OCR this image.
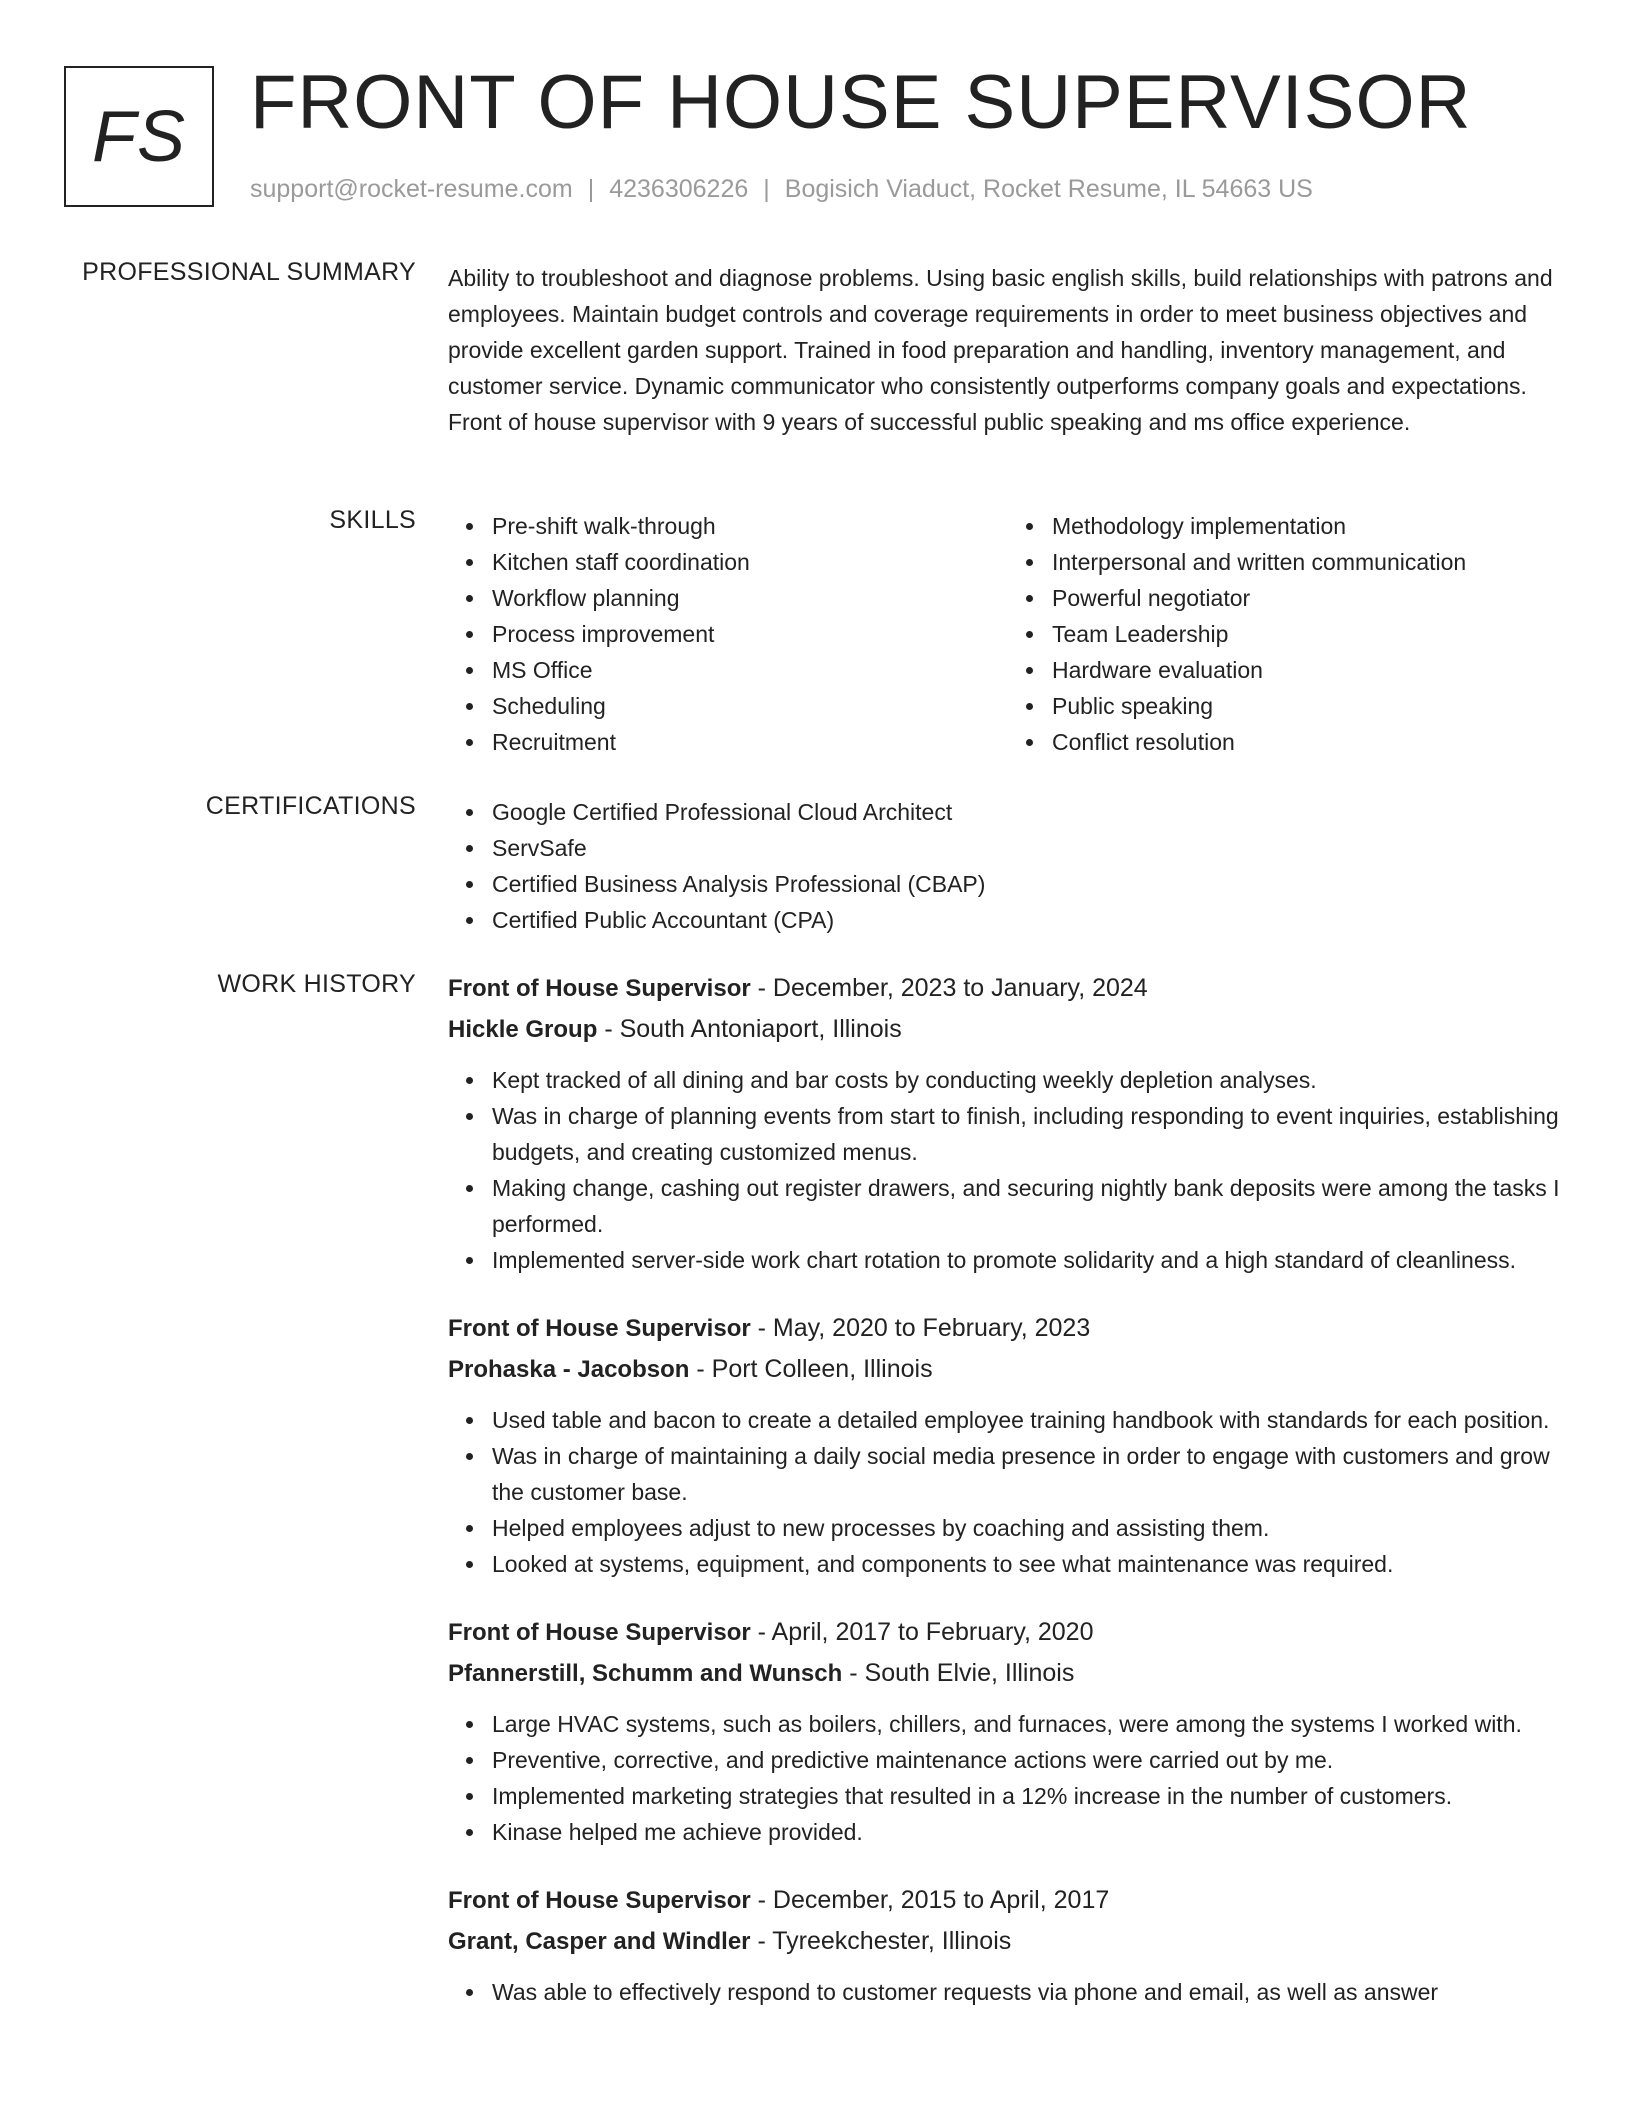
FS FRONT OF HOUSE SUPERVISOR
support@rocket-resume.com | 4236306226 | Bogisich Viaduct, Rocket Resume, IL 54663 US
PROFESSIONAL SUMMARY Ability to troubleshoot and diagnose problems. Using basic english skills, build relationships with patrons and employees. Maintain budget controls and coverage requirements in order to meet business objectives and provide excellent garden support. Trained in food preparation and handling, inventory management, and customer service. Dynamic communicator who consistently outperforms company goals and expectations. Front of house supervisor with 9 years of successful public speaking and ms office experience.

SKILLS	Pre-shift walk-through
Kitchen staff coordination
Workflow planning
Process improvement
MS Office
Scheduling
Recruitment
Methodology implementation
Interpersonal and written communication
Powerful negotiator
Team Leadership
Hardware evaluation
Public speaking
Conflict resolution
CERTIFICATIONS	Google Certified Professional Cloud Architect
ServSafe
Certified Business Analysis Professional (CBAP)
Certified Public Accountant (CPA)
WORK HISTORY Front of House Supervisor - December, 2023 to January, 2024
Hickle Group - South Antoniaport, Illinois
Kept tracked of all dining and bar costs by conducting weekly depletion analyses.
Was in charge of planning events from start to finish, including responding to event inquiries, establishing budgets, and creating customized menus.
Making change, cashing out register drawers, and securing nightly bank deposits were among the tasks I performed.
Implemented server-side work chart rotation to promote solidarity and a high standard of cleanliness.
Front of House Supervisor - May, 2020 to February, 2023
Prohaska - Jacobson - Port Colleen, Illinois
Used table and bacon to create a detailed employee training handbook with standards for each position.
Was in charge of maintaining a daily social media presence in order to engage with customers and grow the customer base.
Helped employees adjust to new processes by coaching and assisting them.
Looked at systems, equipment, and components to see what maintenance was required.
Front of House Supervisor - April, 2017 to February, 2020
Pfannerstill, Schumm and Wunsch - South Elvie, Illinois
Large HVAC systems, such as boilers, chillers, and furnaces, were among the systems I worked with.
Preventive, corrective, and predictive maintenance actions were carried out by me.
Implemented marketing strategies that resulted in a 12% increase in the number of customers.
Kinase helped me achieve provided.
Front of House Supervisor - December, 2015 to April, 2017
Grant, Casper and Windler - Tyreekchester, Illinois
Was able to effectively respond to customer requests via phone and email, as well as answer
